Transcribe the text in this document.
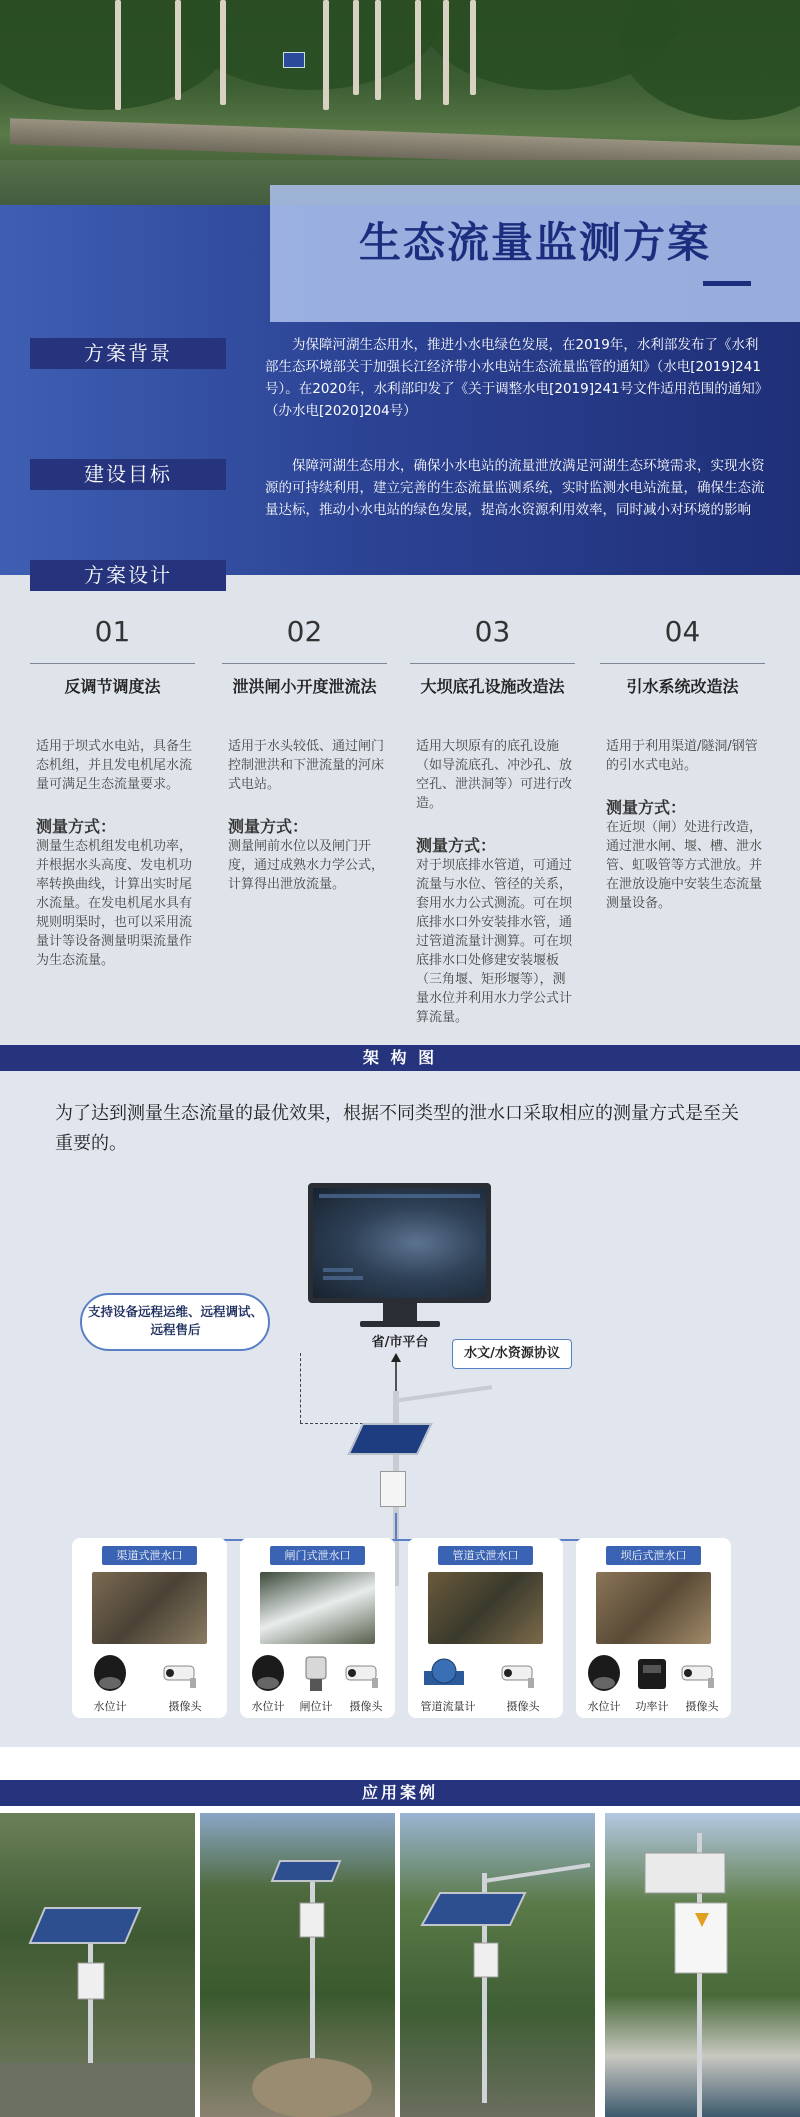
生态流量监测方案
方案背景	为保障河湖生态用水，推进小水电绿色发展，在2019年，水利部发布了《水利部生态环境部关于加强长江经济带小水电站生态流量监管的通知》（水电[2019]241号）。在2020年，水利部印发了《关于调整水电[2019]241号文件适用范围的通知》（办水电[2020]204号）
建设目标	保障河湖生态用水，确保小水电站的流量泄放满足河湖生态环境需求，实现水资源的可持续利用，建立完善的生态流量监测系统，实时监测水电站流量，确保生态流量达标，推动小水电站的绿色发展，提高水资源利用效率，同时减小对环境的影响
方案设计
01
反调节调度法
适用于坝式水电站，具备生态机组，并且发电机尾水流量可满足生态流量要求。
测量方式：
测量生态机组发电机功率，并根据水头高度、发电机功率转换曲线，计算出实时尾水流量。在发电机尾水具有规则明渠时，也可以采用流量计等设备测量明渠流量作为生态流量。
02
泄洪闸小开度泄流法
适用于水头较低、通过闸门控制泄洪和下泄流量的河床式电站。
测量方式：
测量闸前水位以及闸门开度，通过成熟水力学公式，计算得出泄放流量。
03
大坝底孔设施改造法
适用大坝原有的底孔设施（如导流底孔、冲沙孔、放空孔、泄洪洞等）可进行改造。
测量方式：
对于坝底排水管道，可通过流量与水位、管径的关系，套用水力公式测流。可在坝底排水口外安装排水管，通过管道流量计测算。可在坝底排水口处修建安装堰板（三角堰、矩形堰等），测量水位并利用水力学公式计算流量。
04
引水系统改造法
适用于利用渠道/隧洞/钢管的引水式电站。
测量方式：
在近坝（闸）处进行改造，通过泄水闸、堰、槽、泄水管、虹吸管等方式泄放。并在泄放设施中安装生态流量测量设备。
架 构 图
为了达到测量生态流量的最优效果，根据不同类型的泄水口采取相应的测量方式是至关重要的。
省/市平台
支持设备远程运维、远程调试、远程售后
水文/水资源协议
渠道式泄水口
水位计	摄像头
闸门式泄水口
水位计	闸位计	摄像头
管道式泄水口
管道流量计	摄像头
坝后式泄水口
水位计	功率计	摄像头
应用案例
